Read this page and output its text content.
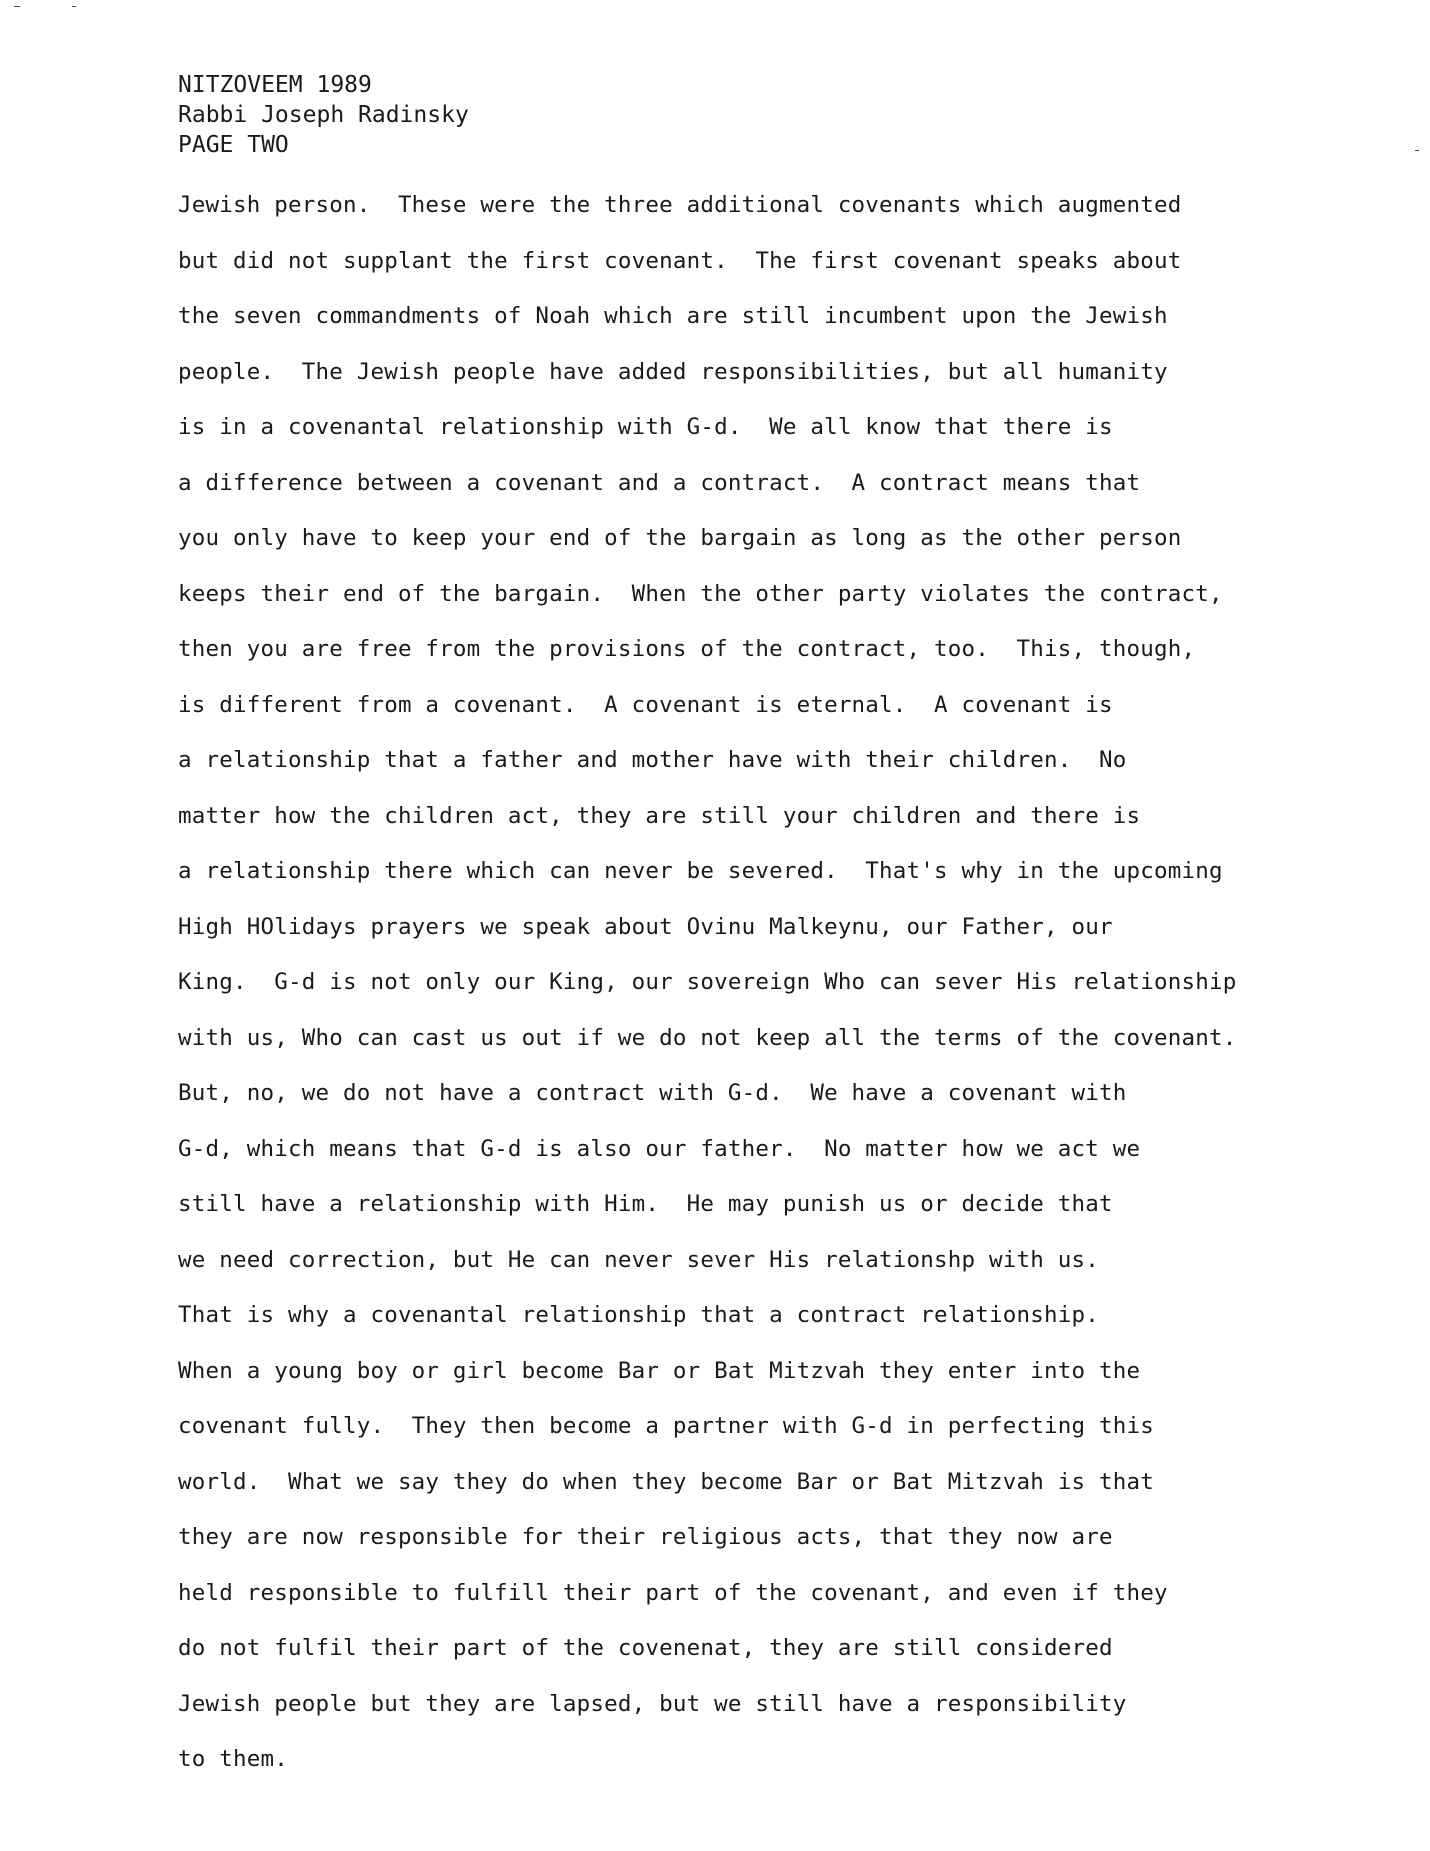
NITZOVEEM 1989
Rabbi Joseph Radinsky
PAGE TWO
Jewish person.  These were the three additional covenants which augmented
but did not supplant the first covenant.  The first covenant speaks about
the seven commandments of Noah which are still incumbent upon the Jewish
people.  The Jewish people have added responsibilities, but all humanity
is in a covenantal relationship with G-d.  We all know that there is
a difference between a covenant and a contract.  A contract means that
you only have to keep your end of the bargain as long as the other person
keeps their end of the bargain.  When the other party violates the contract,
then you are free from the provisions of the contract, too.  This, though,
is different from a covenant.  A covenant is eternal.  A covenant is
a relationship that a father and mother have with their children.  No
matter how the children act, they are still your children and there is
a relationship there which can never be severed.  That's why in the upcoming
High HOlidays prayers we speak about Ovinu Malkeynu, our Father, our
King.  G-d is not only our King, our sovereign Who can sever His relationship
with us, Who can cast us out if we do not keep all the terms of the covenant.
But, no, we do not have a contract with G-d.  We have a covenant with
G-d, which means that G-d is also our father.  No matter how we act we
still have a relationship with Him.  He may punish us or decide that
we need correction, but He can never sever His relationshp with us.
That is why a covenantal relationship that a contract relationship.
When a young boy or girl become Bar or Bat Mitzvah they enter into the
covenant fully.  They then become a partner with G-d in perfecting this
world.  What we say they do when they become Bar or Bat Mitzvah is that
they are now responsible for their religious acts, that they now are
held responsible to fulfill their part of the covenant, and even if they
do not fulfil their part of the covenenat, they are still considered
Jewish people but they are lapsed, but we still have a responsibility
to them.
